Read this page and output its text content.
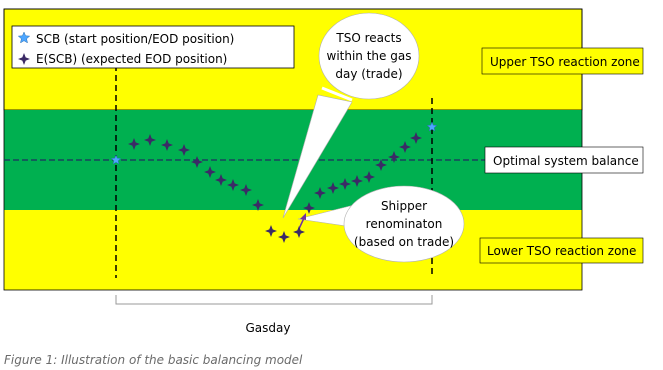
Gasday
SCB (start position/EOD position)
E(SCB) (expected EOD position)	Upper TSO reaction zone
Optimal system balance
Lower TSO reaction zone
TSO reacts
within the gas
day (trade)
Shipper
renominaton
(based on trade)
Figure 1: Illustration of the basic balancing model
